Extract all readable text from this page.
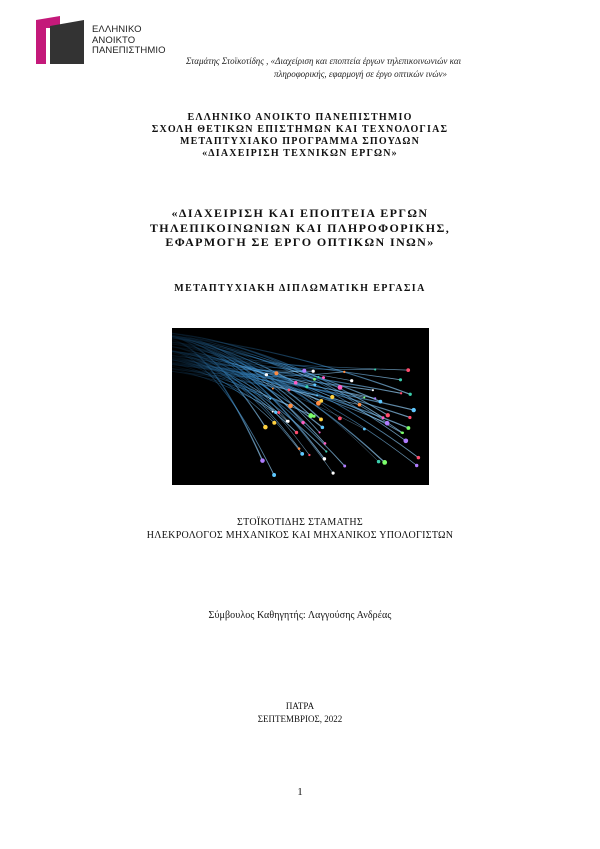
ΕΛΛΗΝΙΚΟ
ΑΝΟΙΚΤΟ
ΠΑΝΕΠΙΣΤΗΜΙΟ
Σταμάτης Στοϊκοτίδης , «Διαχείριση και εποπτεία έργων τηλεπικοινωνιών και
πληροφορικής, εφαρμογή σε έργο οπτικών ινών»
ΕΛΛΗΝΙΚΟ ΑΝΟΙΚΤΟ ΠΑΝΕΠΙΣΤΗΜΙΟ
ΣΧΟΛΗ ΘΕΤΙΚΩΝ ΕΠΙΣΤΗΜΩΝ ΚΑΙ ΤΕΧΝΟΛΟΓΙΑΣ
ΜΕΤΑΠΤΥΧΙΑΚΟ ΠΡΟΓΡΑΜΜΑ ΣΠΟΥΔΩΝ
«ΔΙΑΧΕΙΡΙΣΗ ΤΕΧΝΙΚΩΝ ΕΡΓΩΝ»
«ΔΙΑΧΕΙΡΙΣΗ ΚΑΙ ΕΠΟΠΤΕΙΑ ΕΡΓΩΝ
ΤΗΛΕΠΙΚΟΙΝΩΝΙΩΝ ΚΑΙ ΠΛΗΡΟΦΟΡΙΚΗΣ,
ΕΦΑΡΜΟΓΗ ΣΕ ΕΡΓΟ ΟΠΤΙΚΩΝ ΙΝΩΝ»
ΜΕΤΑΠΤΥΧΙΑΚΗ ΔΙΠΛΩΜΑΤΙΚΗ ΕΡΓΑΣΙΑ
ΣΤΟΪΚΟΤΙΔΗΣ ΣΤΑΜΑΤΗΣ
ΗΛΕΚΡΟΛΟΓΟΣ ΜΗΧΑΝΙΚΟΣ ΚΑΙ ΜΗΧΑΝΙΚΟΣ ΥΠΟΛΟΓΙΣΤΩΝ
Σύμβουλος Καθηγητής: Λαγγούσης Ανδρέας
ΠΑΤΡΑ
ΣΕΠΤΕΜΒΡΙΟΣ, 2022
1
